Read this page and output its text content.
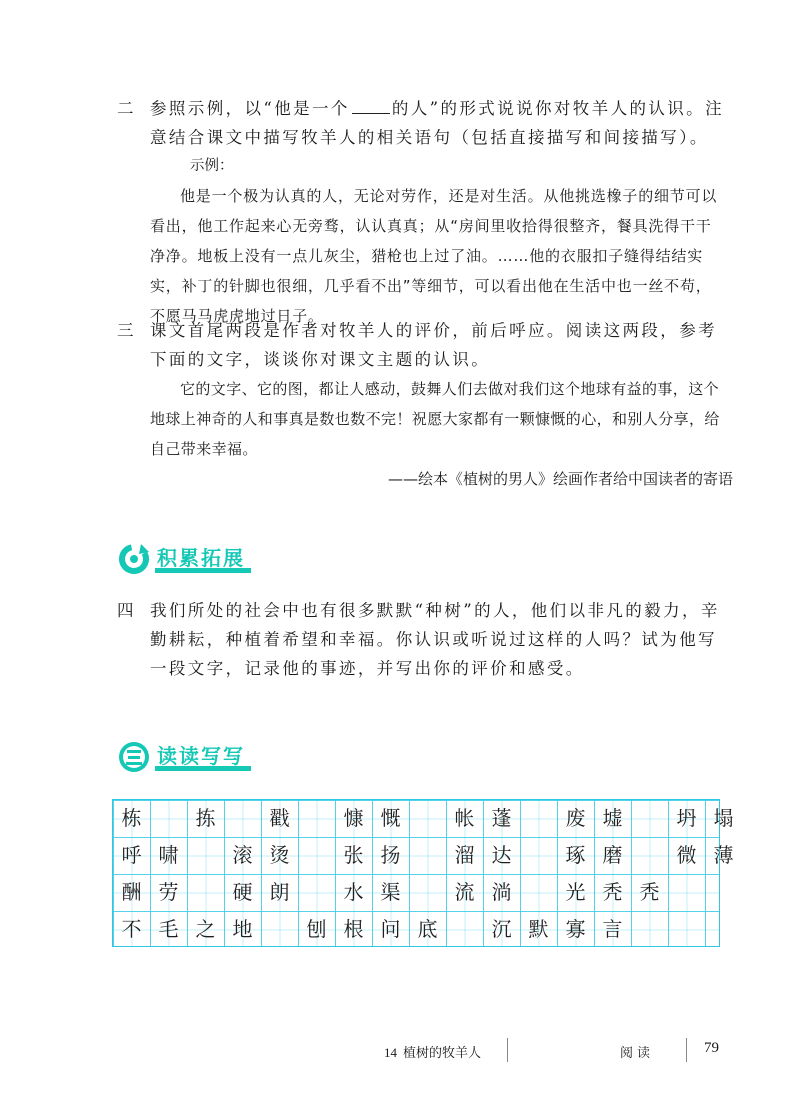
二 参照示例，以“他是一个	的人”的形式说说你对牧羊人的认识。注意结合课文中描写牧羊人的相关语句（包括直接描写和间接描写）。
示例：
他是一个极为认真的人，无论对劳作，还是对生活。从他挑选橡子的细节可以看出，他工作起来心无旁骛，认认真真；从“房间里收拾得很整齐，餐具洗得干干净净。地板上没有一点儿灰尘，猎枪也上过了油。……他的衣服扣子缝得结结实实，补丁的针脚也很细，几乎看不出”等细节，可以看出他在生活中也一丝不苟，不愿马马虎虎地过日子。
三 课文首尾两段是作者对牧羊人的评价，前后呼应。阅读这两段，参考下面的文字，谈谈你对课文主题的认识。
它的文字、它的图，都让人感动，鼓舞人们去做对我们这个地球有益的事，这个地球上神奇的人和事真是数也数不完！祝愿大家都有一颗慷慨的心，和别人分享，给自己带来幸福。
——绘本《植树的男人》绘画作者给中国读者的寄语
积累拓展
四 我们所处的社会中也有很多默默“种树”的人，他们以非凡的毅力，辛勤耕耘，种植着希望和幸福。你认识或听说过这样的人吗？试为他写一段文字，记录他的事迹，并写出你的评价和感受。
读读写写
栋	拣	戳	慷 慨	帐 蓬	废 墟	坍 塌
呼 啸	滚 烫	张 扬	溜 达	琢 磨	微 薄
酬 劳	硬 朗	水 渠	流 淌	光 秃 秃
不 毛 之 地	刨 根 问 底	沉 默 寡 言
14 植树的牧羊人	阅读	79
